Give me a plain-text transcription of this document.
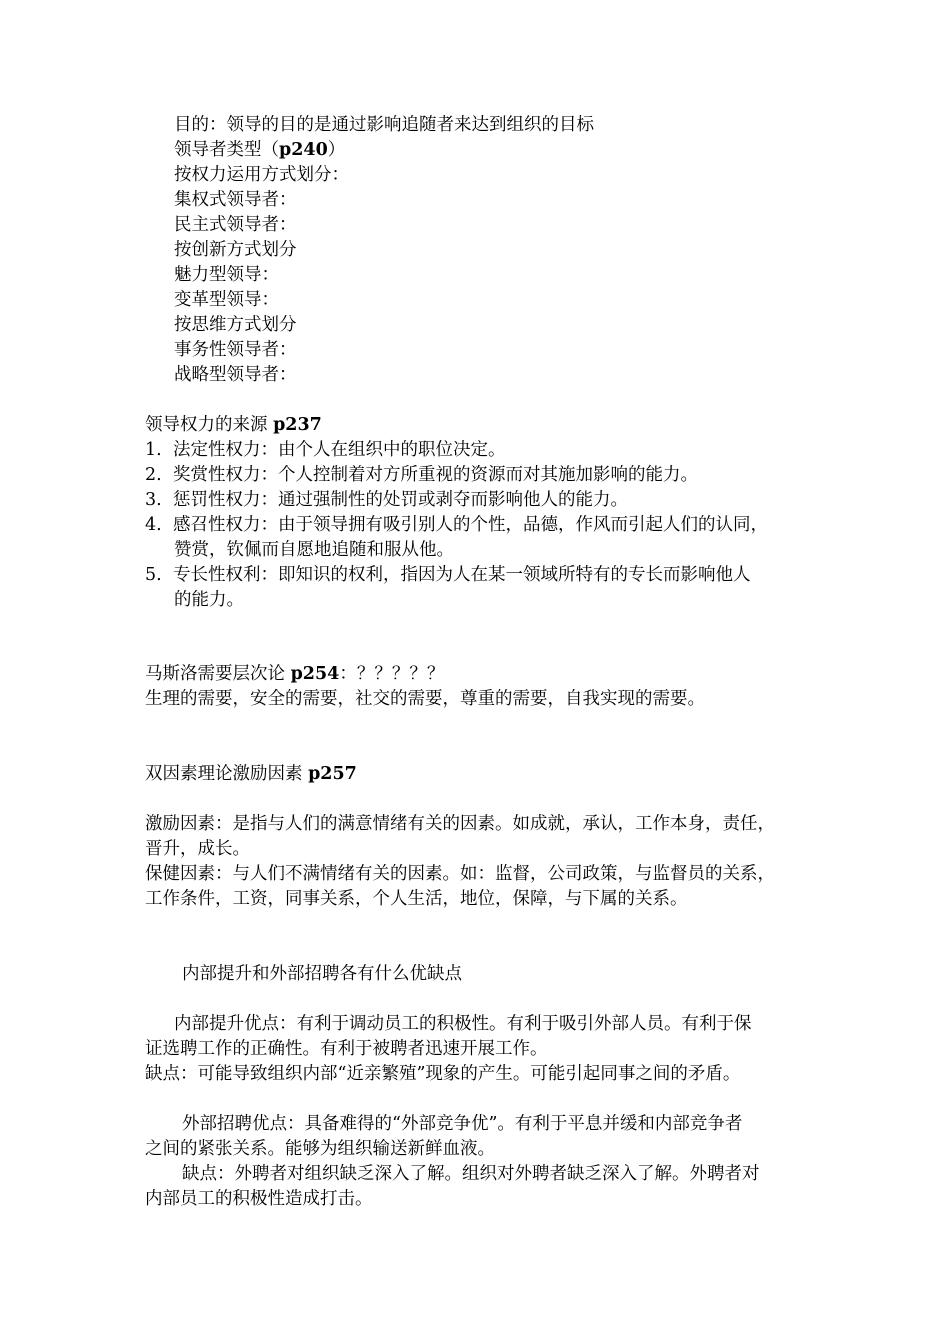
目的：领导的目的是通过影响追随者来达到组织的目标
领导者类型（p240）
按权力运用方式划分：
集权式领导者：
民主式领导者：
按创新方式划分
魅力型领导：
变革型领导：
按思维方式划分
事务性领导者：
战略型领导者：
领导权力的来源 p237
1. 法定性权力：由个人在组织中的职位决定。
2. 奖赏性权力：个人控制着对方所重视的资源而对其施加影响的能力。
3. 惩罚性权力：通过强制性的处罚或剥夺而影响他人的能力。
4. 感召性权力：由于领导拥有吸引别人的个性，品德，作风而引起人们的认同，
赞赏，钦佩而自愿地追随和服从他。
5. 专长性权利：即知识的权利，指因为人在某一领域所特有的专长而影响他人
的能力。
马斯洛需要层次论 p254：？？？？？
生理的需要，安全的需要，社交的需要，尊重的需要，自我实现的需要。
双因素理论激励因素 p257
激励因素：是指与人们的满意情绪有关的因素。如成就，承认，工作本身，责任，
晋升，成长。
保健因素：与人们不满情绪有关的因素。如：监督，公司政策，与监督员的关系，
工作条件，工资，同事关系，个人生活，地位，保障，与下属的关系。
内部提升和外部招聘各有什么优缺点
内部提升优点：有利于调动员工的积极性。有利于吸引外部人员。有利于保
证选聘工作的正确性。有利于被聘者迅速开展工作。
缺点：可能导致组织内部“近亲繁殖”现象的产生。可能引起同事之间的矛盾。
外部招聘优点：具备难得的“外部竞争优”。有利于平息并缓和内部竞争者
之间的紧张关系。能够为组织输送新鲜血液。
缺点：外聘者对组织缺乏深入了解。组织对外聘者缺乏深入了解。外聘者对
内部员工的积极性造成打击。
